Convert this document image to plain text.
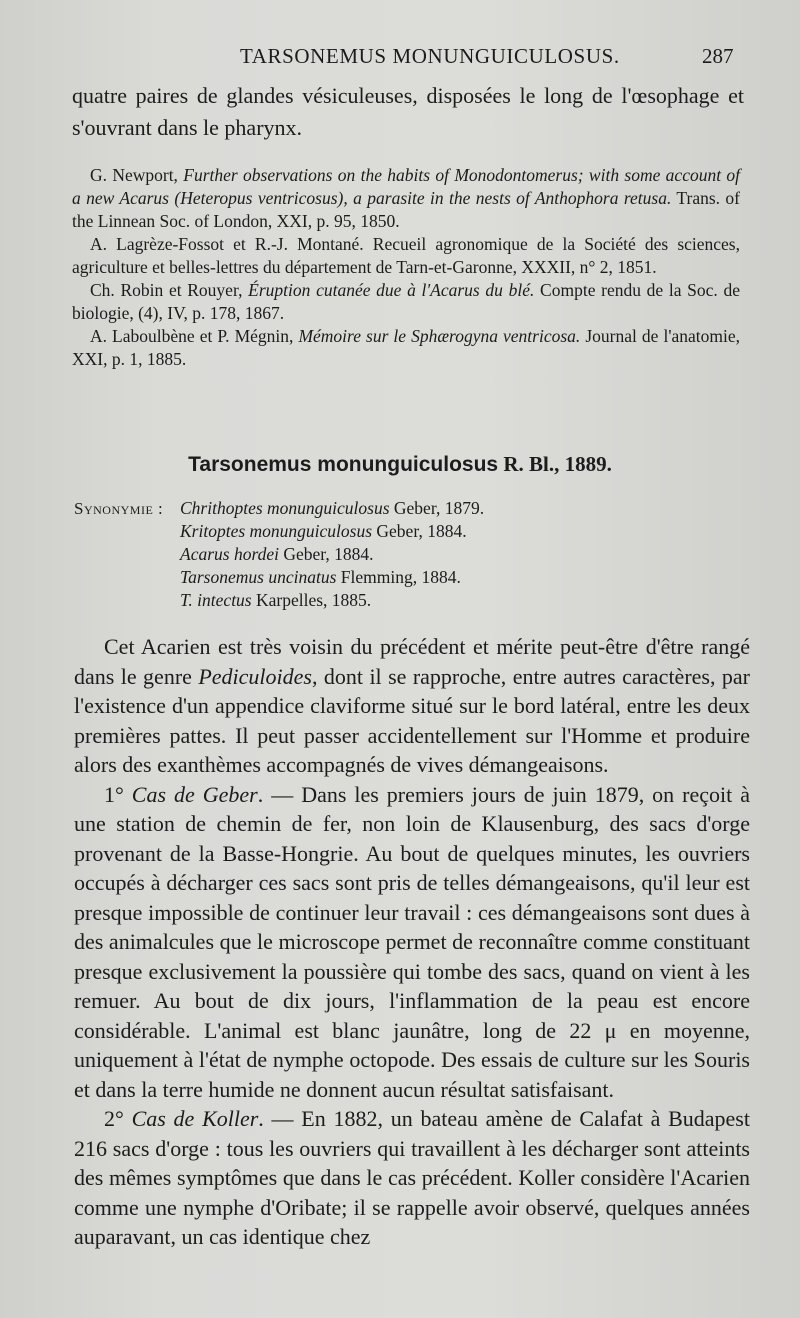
TARSONEMUS MONUNGUICULOSUS.	287

quatre paires de glandes vésiculeuses, disposées le long de l'œsophage et s'ouvrant dans le pharynx.

G. Newport, Further observations on the habits of Monodontomerus; with some account of a new Acarus (Heteropus ventricosus), a parasite in the nests of Anthophora retusa. Trans. of the Linnean Soc. of London, XXI, p. 95, 1850.

A. Lagrèze-Fossot et R.-J. Montané. Recueil agronomique de la Société des sciences, agriculture et belles-lettres du département de Tarn-et-Garonne, XXXII, n° 2, 1851.

Ch. Robin et Rouyer, Éruption cutanée due à l'Acarus du blé. Compte rendu de la Soc. de biologie, (4), IV, p. 178, 1867.

A. Laboulbène et P. Mégnin, Mémoire sur le Sphærogyna ventricosa. Journal de l'anatomie, XXI, p. 1, 1885.

Tarsonemus monunguiculosus R. Bl., 1889.
Synonymie : Chrithoptes monunguiculosus Geber, 1879.
Kritoptes monunguiculosus Geber, 1884.
Acarus hordei Geber, 1884.
Tarsonemus uncinatus Flemming, 1884.
T. intectus Karpelles, 1885.

Cet Acarien est très voisin du précédent et mérite peut-être d'être rangé dans le genre Pediculoides, dont il se rapproche, entre autres caractères, par l'existence d'un appendice claviforme situé sur le bord latéral, entre les deux premières pattes. Il peut passer accidentellement sur l'Homme et produire alors des exanthèmes accompagnés de vives démangeaisons.

1° Cas de Geber. — Dans les premiers jours de juin 1879, on reçoit à une station de chemin de fer, non loin de Klausenburg, des sacs d'orge provenant de la Basse-Hongrie. Au bout de quelques minutes, les ouvriers occupés à décharger ces sacs sont pris de telles démangeaisons, qu'il leur est presque impossible de continuer leur travail : ces démangeaisons sont dues à des animalcules que le microscope permet de reconnaître comme constituant presque exclusivement la poussière qui tombe des sacs, quand on vient à les remuer. Au bout de dix jours, l'inflammation de la peau est encore considérable. L'animal est blanc jaunâtre, long de 22 μ en moyenne, uniquement à l'état de nymphe octopode. Des essais de culture sur les Souris et dans la terre humide ne donnent aucun résultat satisfaisant.

2° Cas de Koller. — En 1882, un bateau amène de Calafat à Budapest 216 sacs d'orge : tous les ouvriers qui travaillent à les décharger sont atteints des mêmes symptômes que dans le cas précédent. Koller considère l'Acarien comme une nymphe d'Oribate; il se rappelle avoir observé, quelques années auparavant, un cas identique chez
